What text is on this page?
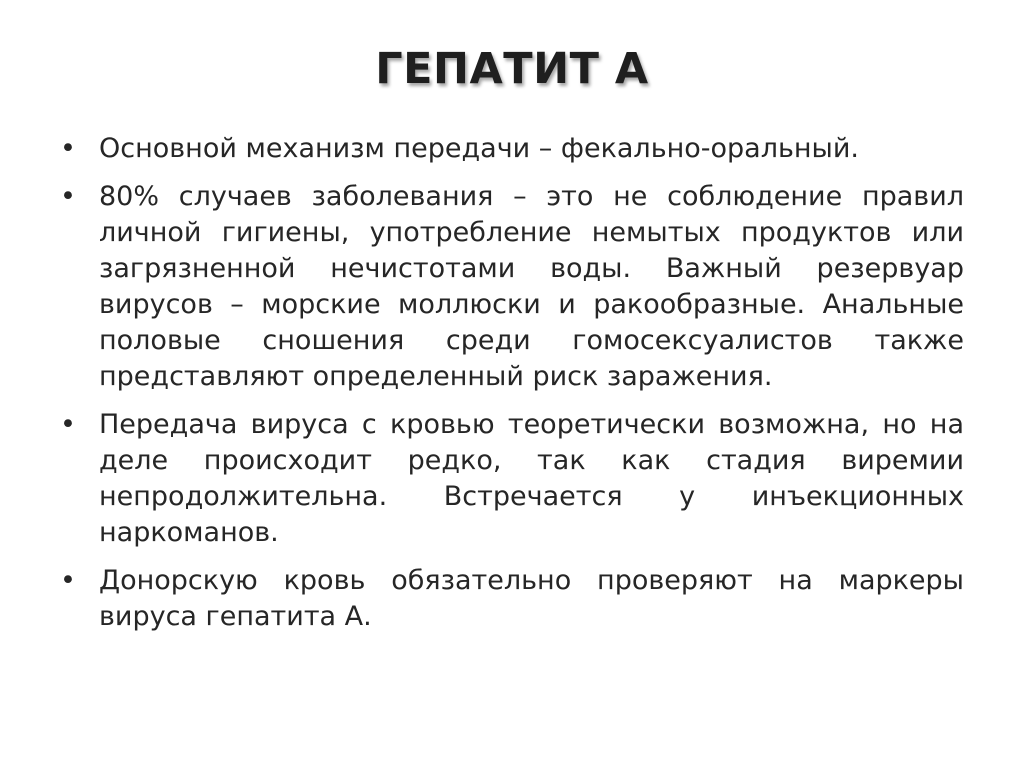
ГЕПАТИТ А
• Основной механизм передачи – фекально-оральный.
• 80% случаев заболевания – это не соблюдение правил личной гигиены, употребление немытых продуктов или загрязненной нечистотами воды. Важный резервуар вирусов – морские моллюски и ракообразные. Анальные половые сношения среди гомосексуалистов также представляют определенный риск заражения.
• Передача вируса с кровью теоретически возможна, но на деле происходит редко, так как стадия виремии непродолжительна. Встречается у инъекционных наркоманов.
• Донорскую кровь обязательно проверяют на маркеры вируса гепатита А.
